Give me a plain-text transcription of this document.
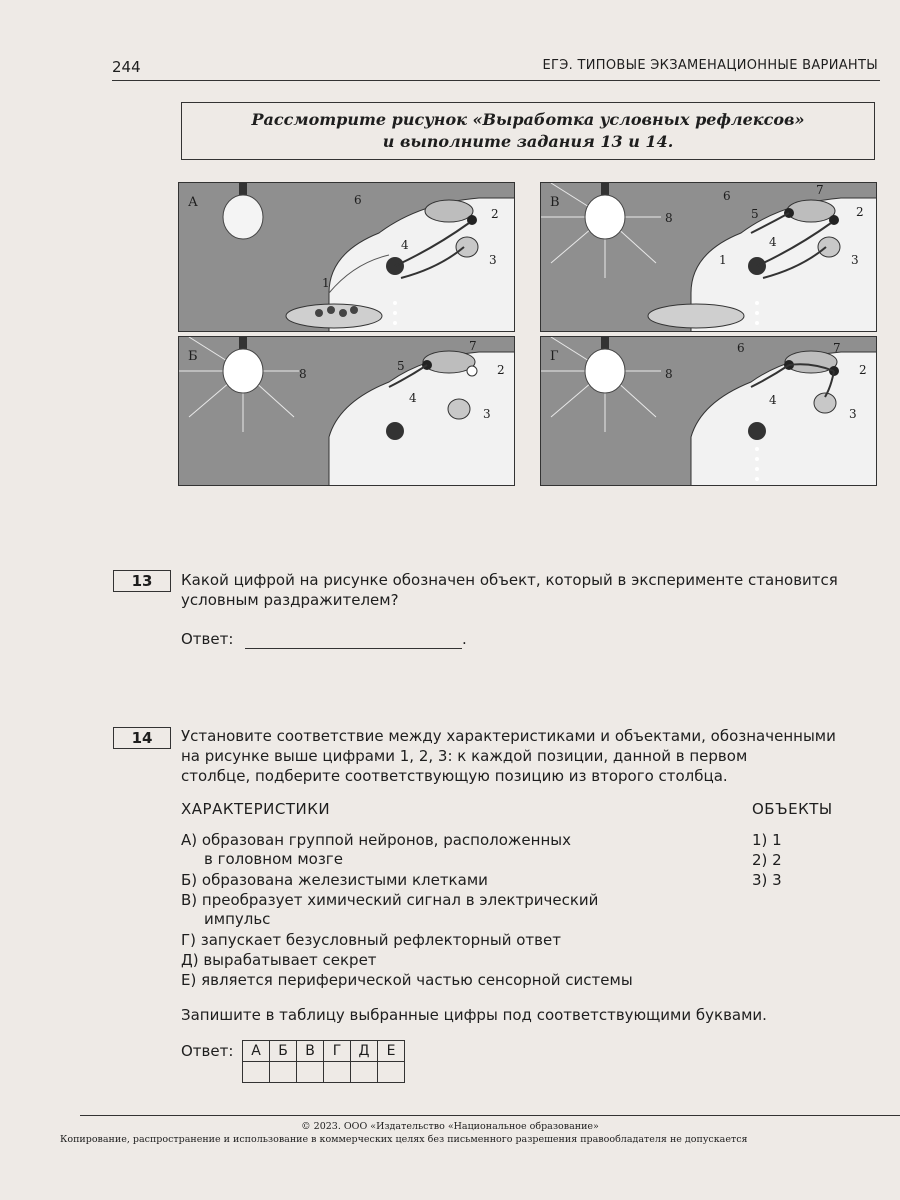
244	ЕГЭ. ТИПОВЫЕ ЭКЗАМЕНАЦИОННЫЕ ВАРИАНТЫ
Рассмотрите рисунок «Выработка условных рефлексов»
и выполните задания 13 и 14.
А	6
2
4
3
1
В	6	7
5	2
8
4
1	3
Б
8
5
7
2
4
3
Г
6	7
8	2
4
3
13	Какой цифрой на рисунке обозначен объект, который в эксперименте становится
условным раздражителем?
Ответ:	.
14	Установите соответствие между характеристиками и объектами, обозначенными
на рисунке выше цифрами 1, 2, 3: к каждой позиции, данной в первом
столбце, подберите соответствующую позицию из второго столбца.
ХАРАКТЕРИСТИКИ	ОБЪЕКТЫ
А) образован группой нейронов, расположенных
в головном мозге
Б) образована железистыми клетками
В) преобразует химический сигнал в электрический
импульс
Г) запускает безусловный рефлекторный ответ
Д) вырабатывает секрет
Е) является периферической частью сенсорной системы
1) 1
2) 2
3) 3
Запишите в таблицу выбранные цифры под соответствующими буквами.
Ответ: А	Б	В	Г	Д	Е

© 2023. ООО «Издательство «Национальное образование»
Копирование, распространение и использование в коммерческих целях без письменного разрешения правообладателя не допускается
